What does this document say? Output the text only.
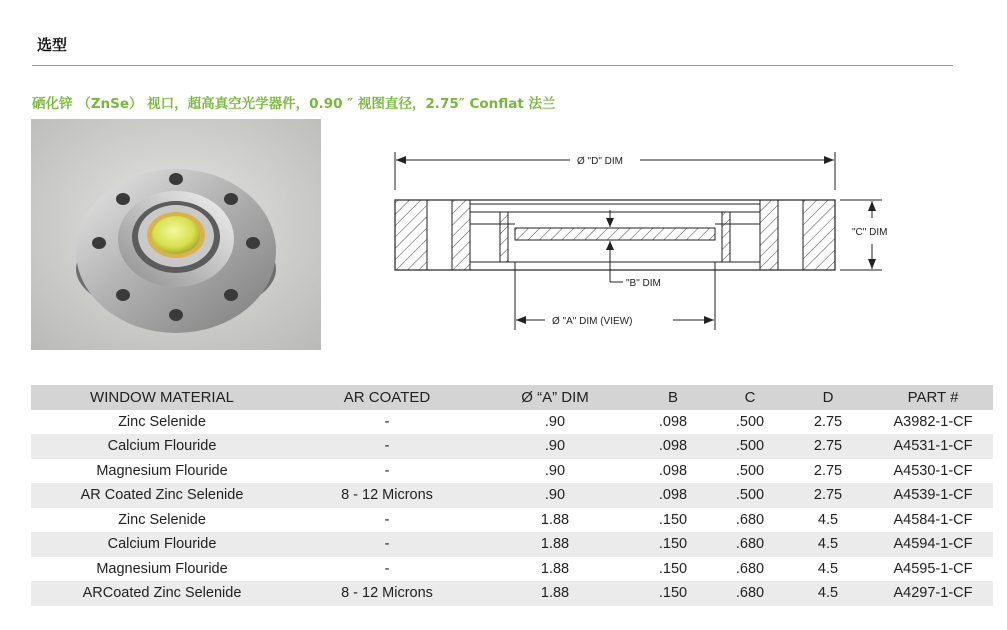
选型
硒化锌 （ZnSe） 视口，超高真空光学器件，0.90 ″ 视图直径，2.75″ Conflat 法兰
Ø "D" DIM
"C" DIM
"B" DIM
Ø "A" DIM (VIEW)
WINDOW MATERIAL	AR COATED	Ø “A” DIM	B	C	D	PART #
Zinc Selenide	-	.90	.098	.500	2.75	A3982-1-CF
Calcium Flouride	-	.90	.098	.500	2.75	A4531-1-CF
Magnesium Flouride	-	.90	.098	.500	2.75	A4530-1-CF
AR Coated Zinc Selenide	8 - 12 Microns	.90	.098	.500	2.75	A4539-1-CF
Zinc Selenide	-	1.88	.150	.680	4.5	A4584-1-CF
Calcium Flouride	-	1.88	.150	.680	4.5	A4594-1-CF
Magnesium Flouride	-	1.88	.150	.680	4.5	A4595-1-CF
ARCoated Zinc Selenide	8 - 12 Microns	1.88	.150	.680	4.5	A4297-1-CF
